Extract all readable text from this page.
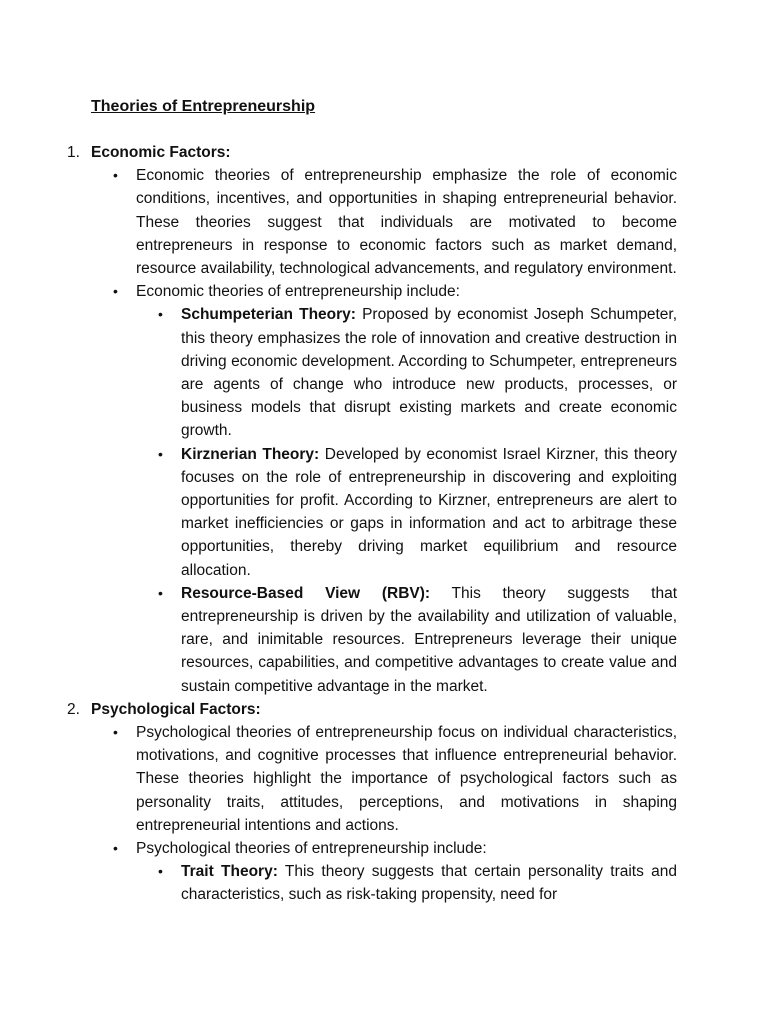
Theories of Entrepreneurship
1. Economic Factors:
• Economic theories of entrepreneurship emphasize the role of economic conditions, incentives, and opportunities in shaping entrepreneurial behavior. These theories suggest that individuals are motivated to become entrepreneurs in response to economic factors such as market demand, resource availability, technological advancements, and regulatory environment.
• Economic theories of entrepreneurship include:
• Schumpeterian Theory: Proposed by economist Joseph Schumpeter, this theory emphasizes the role of innovation and creative destruction in driving economic development. According to Schumpeter, entrepreneurs are agents of change who introduce new products, processes, or business models that disrupt existing markets and create economic growth.
• Kirznerian Theory: Developed by economist Israel Kirzner, this theory focuses on the role of entrepreneurship in discovering and exploiting opportunities for profit. According to Kirzner, entrepreneurs are alert to market inefficiencies or gaps in information and act to arbitrage these opportunities, thereby driving market equilibrium and resource allocation.
• Resource-Based View (RBV): This theory suggests that entrepreneurship is driven by the availability and utilization of valuable, rare, and inimitable resources. Entrepreneurs leverage their unique resources, capabilities, and competitive advantages to create value and sustain competitive advantage in the market.
2. Psychological Factors:
• Psychological theories of entrepreneurship focus on individual characteristics, motivations, and cognitive processes that influence entrepreneurial behavior. These theories highlight the importance of psychological factors such as personality traits, attitudes, perceptions, and motivations in shaping entrepreneurial intentions and actions.
• Psychological theories of entrepreneurship include:
• Trait Theory: This theory suggests that certain personality traits and characteristics, such as risk-taking propensity, need for
